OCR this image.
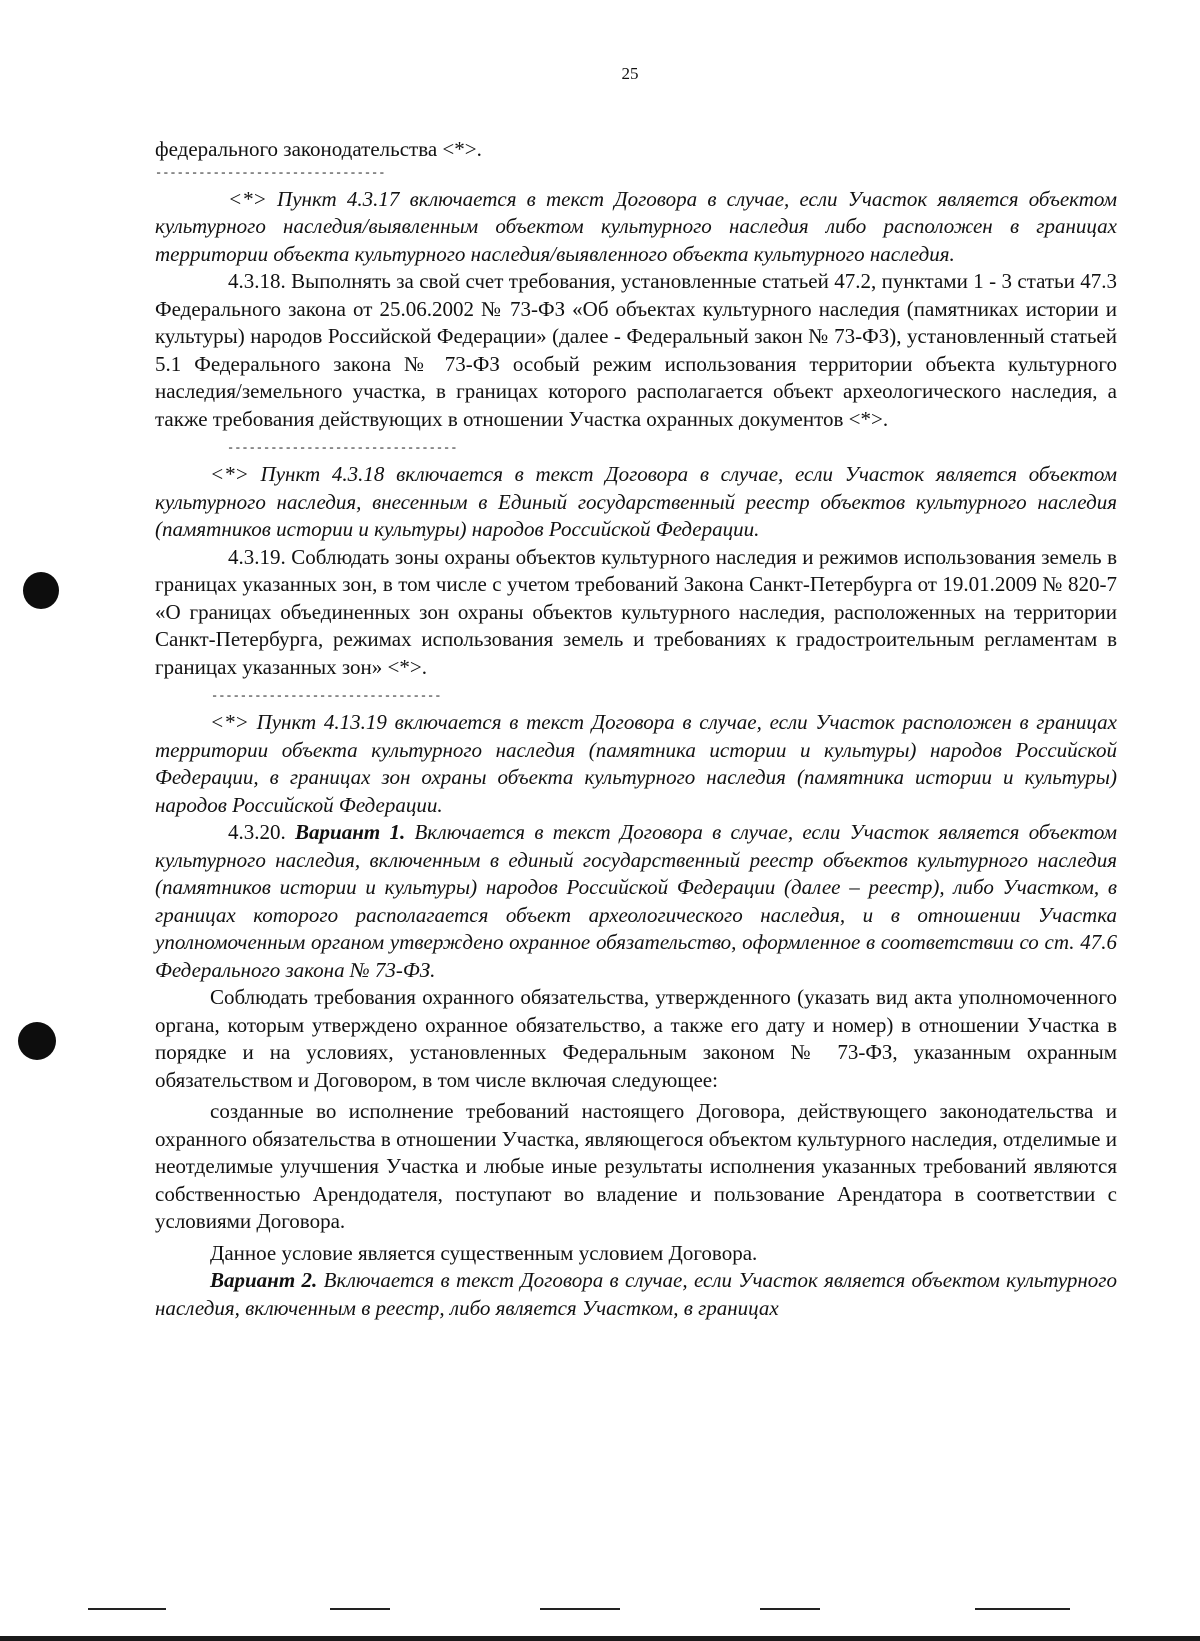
25

федерального законодательства <*>.

--------------------------------

<*> Пункт 4.3.17 включается в текст Договора в случае, если Участок является объектом культурного наследия/выявленным объектом культурного наследия либо расположен в границах территории объекта культурного наследия/выявленного объекта культурного наследия.

4.3.18. Выполнять за свой счет требования, установленные статьей 47.2, пунктами 1 - 3 статьи 47.3 Федерального закона от 25.06.2002 № 73-ФЗ «Об объектах культурного наследия (памятниках истории и культуры) народов Российской Федерации» (далее - Федеральный закон № 73-ФЗ), установленный статьей 5.1 Федерального закона № 73-ФЗ особый режим использования территории объекта культурного наследия/земельного участка, в границах которого располагается объект археологического наследия, а также требования действующих в отношении Участка охранных документов <*>.

--------------------------------

<*> Пункт 4.3.18 включается в текст Договора в случае, если Участок является объектом культурного наследия, внесенным в Единый государственный реестр объектов культурного наследия (памятников истории и культуры) народов Российской Федерации.

4.3.19. Соблюдать зоны охраны объектов культурного наследия и режимов использования земель в границах указанных зон, в том числе с учетом требований Закона Санкт-Петербурга от 19.01.2009 № 820-7 «О границах объединенных зон охраны объектов культурного наследия, расположенных на территории Санкт-Петербурга, режимах использования земель и требованиях к градостроительным регламентам в границах указанных зон» <*>.

--------------------------------

<*> Пункт 4.13.19 включается в текст Договора в случае, если Участок расположен в границах территории объекта культурного наследия (памятника истории и культуры) народов Российской Федерации, в границах зон охраны объекта культурного наследия (памятника истории и культуры) народов Российской Федерации.

4.3.20. Вариант 1. Включается в текст Договора в случае, если Участок является объектом культурного наследия, включенным в единый государственный реестр объектов культурного наследия (памятников истории и культуры) народов Российской Федерации (далее – реестр), либо Участком, в границах которого располагается объект археологического наследия, и в отношении Участка уполномоченным органом утверждено охранное обязательство, оформленное в соответствии со ст. 47.6 Федерального закона № 73-ФЗ.

Соблюдать требования охранного обязательства, утвержденного (указать вид акта уполномоченного органа, которым утверждено охранное обязательство, а также его дату и номер) в отношении Участка в порядке и на условиях, установленных Федеральным законом № 73-ФЗ, указанным охранным обязательством и Договором, в том числе включая следующее:

созданные во исполнение требований настоящего Договора, действующего законодательства и охранного обязательства в отношении Участка, являющегося объектом культурного наследия, отделимые и неотделимые улучшения Участка и любые иные результаты исполнения указанных требований являются собственностью Арендодателя, поступают во владение и пользование Арендатора в соответствии с условиями Договора.

Данное условие является существенным условием Договора.

Вариант 2. Включается в текст Договора в случае, если Участок является объектом культурного наследия, включенным в реестр, либо является Участком, в границах
